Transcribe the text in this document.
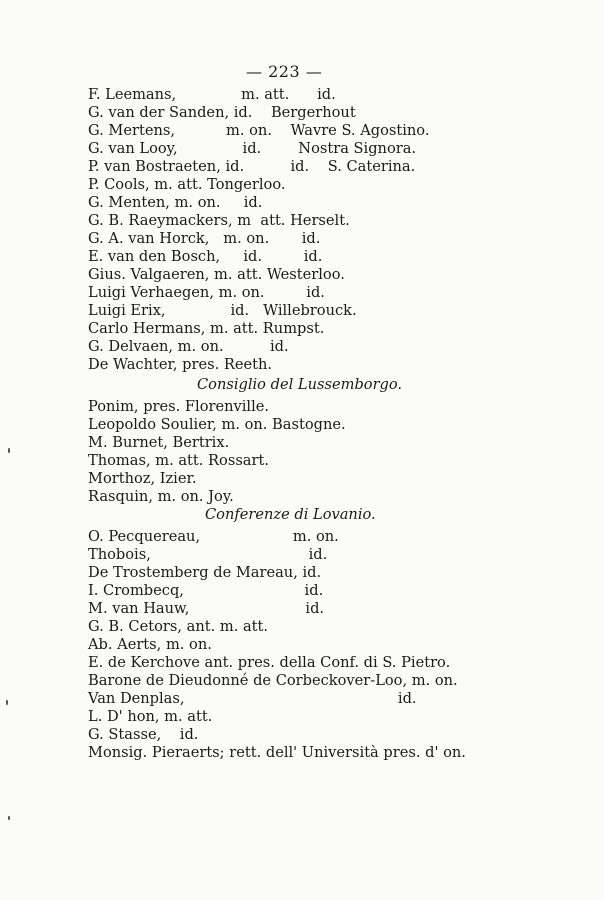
— 223 —
F. Leemans,              m. att.      id.
G. van der Sanden, id.    Bergerhout
G. Mertens,           m. on.    Wavre S. Agostino.
G. van Looy,              id.        Nostra Signora.
P. van Bostraeten, id.          id.    S. Caterina.
P. Cools, m. att. Tongerloo.
G. Menten, m. on.     id.
G. B. Raeymackers, m  att. Herselt.
G. A. van Horck,   m. on.       id.
E. van den Bosch,     id.         id.
Gius. Valgaeren, m. att. Westerloo.
Luigi Verhaegen, m. on.         id.
Luigi Erix,              id.   Willebrouck.
Carlo Hermans, m. att. Rumpst.
G. Delvaen, m. on.          id.
De Wachter, pres. Reeth.
Consiglio del Lussemborgo.
Ponim, pres. Florenville.
Leopoldo Soulier, m. on. Bastogne.
M. Burnet, Bertrix.
Thomas, m. att. Rossart.
Morthoz, Izier.
Rasquin, m. on. Joy.
Conferenze di Lovanio.
O. Pecquereau,                    m. on.
Thobois,                                  id.
De Trostemberg de Mareau, id.
I. Crombecq,                          id.
M. van Hauw,                         id.
G. B. Cetors, ant. m. att.
Ab. Aerts, m. on.
E. de Kerchove ant. pres. della Conf. di S. Pietro.
Barone de Dieudonné de Corbeckover-Loo, m. on.
Van Denplas,                                              id.
L. D' hon, m. att.
G. Stasse,    id.
Monsig. Pieraerts; rett. dell' Università pres. d' on.
